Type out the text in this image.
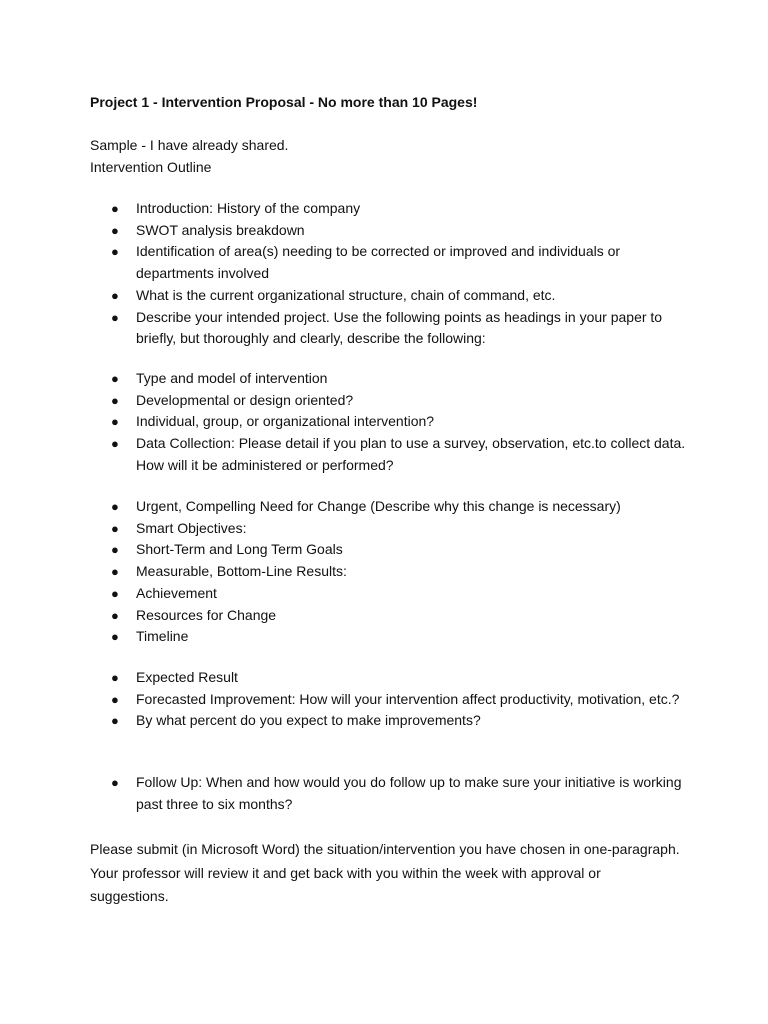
Project 1 - Intervention Proposal - No more than 10 Pages!
Sample - I have already shared.
Intervention Outline
● Introduction: History of the company
● SWOT analysis breakdown
● Identification of area(s) needing to be corrected or improved and individuals or departments involved
● What is the current organizational structure, chain of command, etc.
● Describe your intended project. Use the following points as headings in your paper to briefly, but thoroughly and clearly, describe the following:
● Type and model of intervention
● Developmental or design oriented?
● Individual, group, or organizational intervention?
● Data Collection: Please detail if you plan to use a survey, observation, etc.to collect data. How will it be administered or performed?
● Urgent, Compelling Need for Change (Describe why this change is necessary)
● Smart Objectives:
● Short-Term and Long Term Goals
● Measurable, Bottom-Line Results:
● Achievement
● Resources for Change
● Timeline
● Expected Result
● Forecasted Improvement: How will your intervention affect productivity, motivation, etc.?
● By what percent do you expect to make improvements?
● Follow Up: When and how would you do follow up to make sure your initiative is working past three to six months?
Please submit (in Microsoft Word) the situation/intervention you have chosen in one-paragraph. Your professor will review it and get back with you within the week with approval or suggestions.
